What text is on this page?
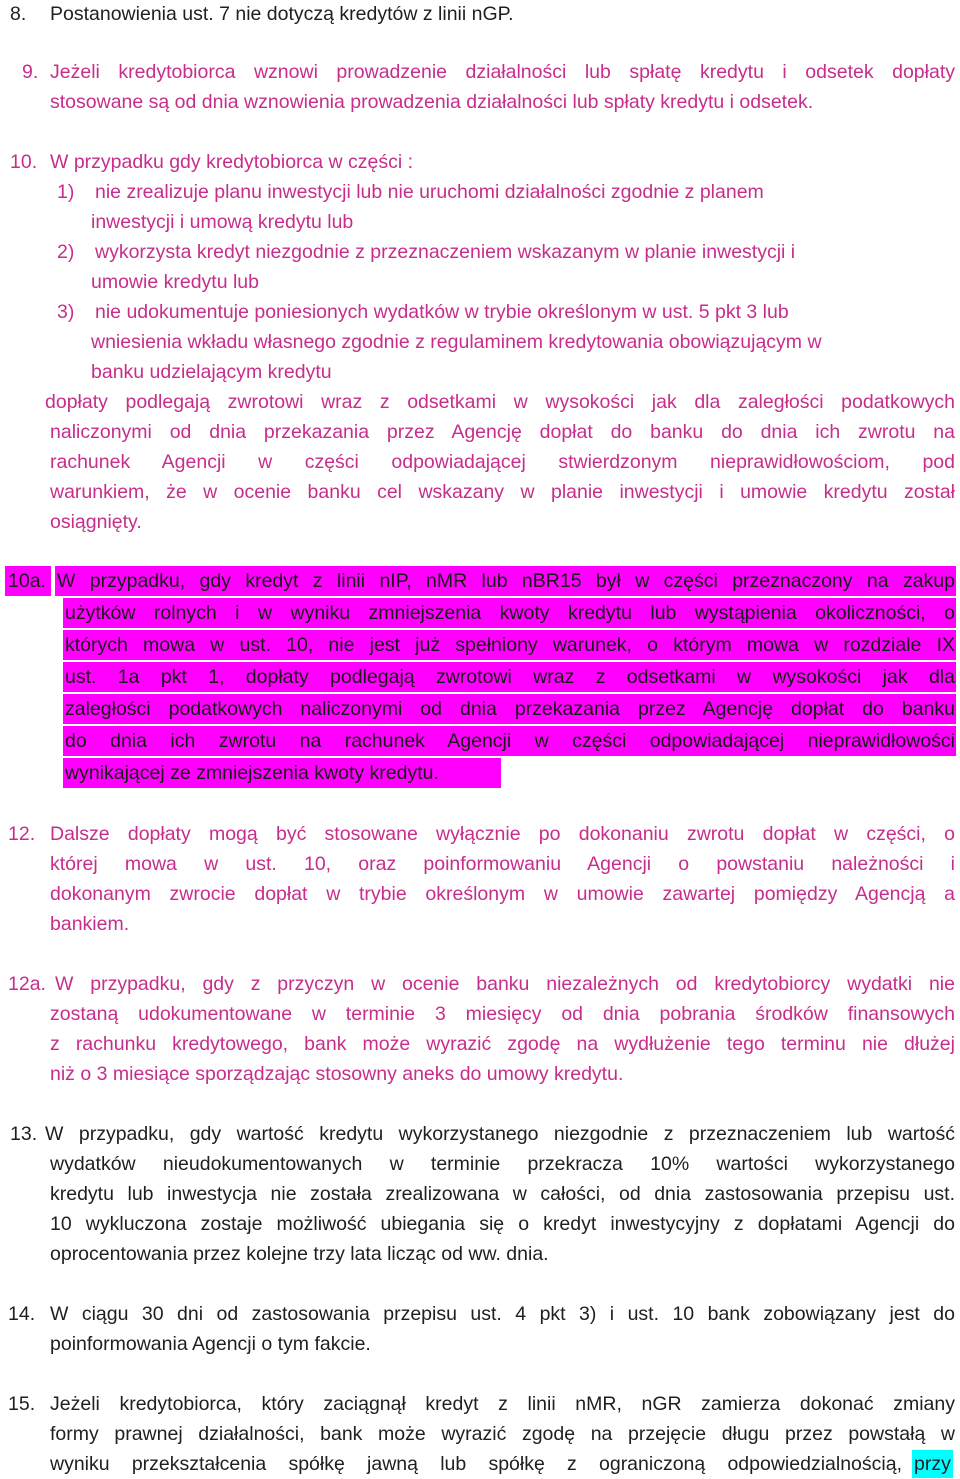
8. Postanowienia ust. 7 nie dotyczą kredytów z linii nGP.
9. Jeżeli kredytobiorca wznowi prowadzenie działalności lub spłatę kredytu i odsetek dopłaty
stosowane są od dnia wznowienia prowadzenia działalności lub spłaty kredytu i odsetek.
10. W przypadku gdy kredytobiorca w części :
1) nie zrealizuje planu inwestycji lub nie uruchomi działalności zgodnie z planem
inwestycji i umową kredytu lub
2) wykorzysta kredyt niezgodnie z przeznaczeniem wskazanym w planie inwestycji i
umowie kredytu lub
3) nie udokumentuje poniesionych wydatków w trybie określonym w ust. 5 pkt 3 lub
wniesienia wkładu własnego zgodnie z regulaminem kredytowania obowiązującym w
banku udzielającym kredytu
dopłaty podlegają zwrotowi wraz z odsetkami w wysokości jak dla zaległości podatkowych
naliczonymi od dnia przekazania przez Agencję dopłat do banku do dnia ich zwrotu na
rachunek Agencji w części odpowiadającej stwierdzonym nieprawidłowościom, pod
warunkiem, że w ocenie banku cel wskazany w planie inwestycji i umowie kredytu został
osiągnięty.
10a. W przypadku, gdy kredyt z linii nIP, nMR lub nBR15 był w części przeznaczony na zakup
użytków rolnych i w wyniku zmniejszenia kwoty kredytu lub wystąpienia okoliczności, o
których mowa w ust. 10, nie jest już spełniony warunek, o którym mowa w rozdziale IX
ust. 1a pkt 1, dopłaty podlegają zwrotowi wraz z odsetkami w wysokości jak dla
zaległości podatkowych naliczonymi od dnia przekazania przez Agencję dopłat do banku
do dnia ich zwrotu na rachunek Agencji w części odpowiadającej nieprawidłowości
wynikającej ze zmniejszenia kwoty kredytu.
12. Dalsze dopłaty mogą być stosowane wyłącznie po dokonaniu zwrotu dopłat w części, o
której mowa w ust. 10, oraz poinformowaniu Agencji o powstaniu należności i
dokonanym zwrocie dopłat w trybie określonym w umowie zawartej pomiędzy Agencją a
bankiem.
12a. W przypadku, gdy z przyczyn w ocenie banku niezależnych od kredytobiorcy wydatki nie
zostaną udokumentowane w terminie 3 miesięcy od dnia pobrania środków finansowych
z rachunku kredytowego, bank może wyrazić zgodę na wydłużenie tego terminu nie dłużej
niż o 3 miesiące sporządzając stosowny aneks do umowy kredytu.
13. W przypadku, gdy wartość kredytu wykorzystanego niezgodnie z przeznaczeniem lub wartość
wydatków nieudokumentowanych w terminie przekracza 10% wartości wykorzystanego
kredytu lub inwestycja nie została zrealizowana w całości, od dnia zastosowania przepisu ust.
10 wykluczona zostaje możliwość ubiegania się o kredyt inwestycyjny z dopłatami Agencji do
oprocentowania przez kolejne trzy lata licząc od ww. dnia.
14. W ciągu 30 dni od zastosowania przepisu ust. 4 pkt 3) i ust. 10 bank zobowiązany jest do
poinformowania Agencji o tym fakcie.
15. Jeżeli kredytobiorca, który zaciągnął kredyt z linii nMR, nGR zamierza dokonać zmiany
formy prawnej działalności, bank może wyrazić zgodę na przejęcie długu przez powstałą w
wyniku przekształcenia spółkę jawną lub spółkę z ograniczoną odpowiedzialnością, przy
